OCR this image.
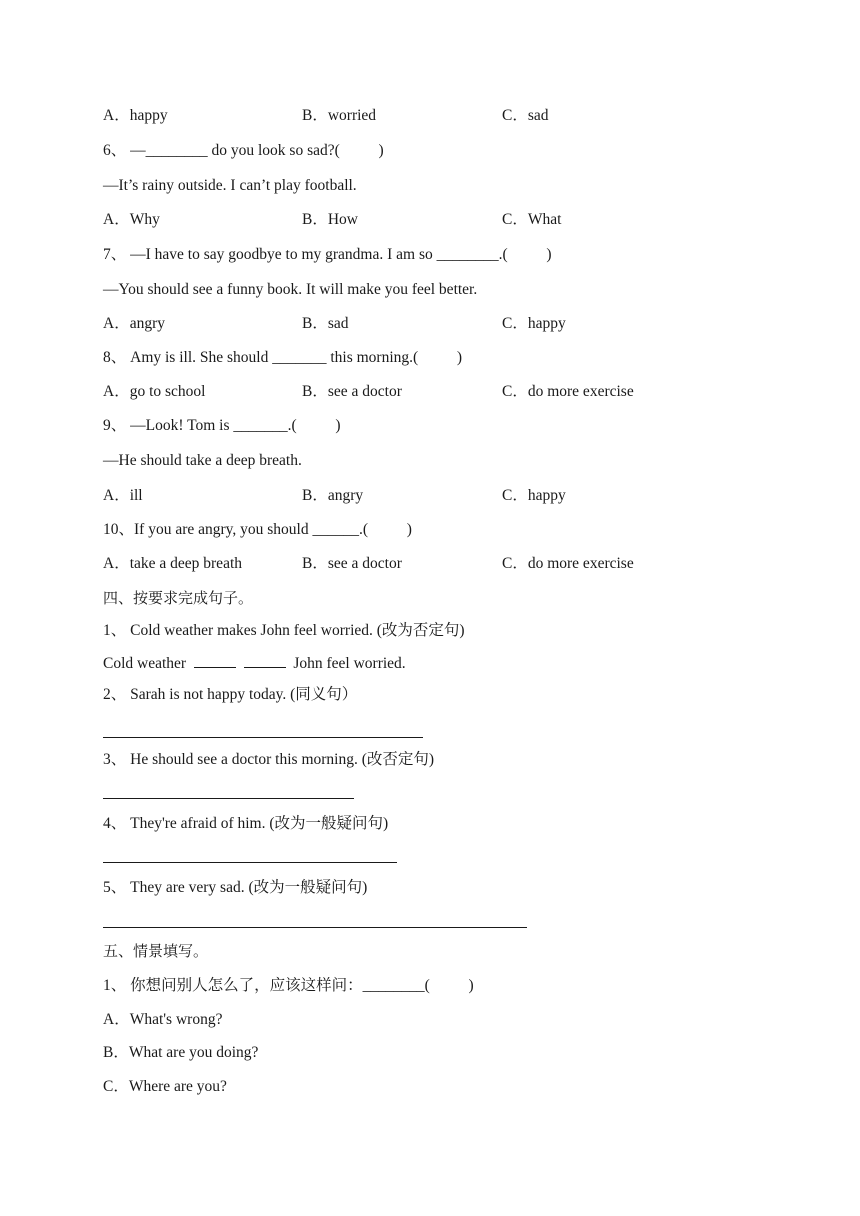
A．happy	B．worried	C．sad
6、 —________ do you look so sad?(          )
—It’s rainy outside. I can’t play football.
A．Why	B．How	C．What
7、 —I have to say goodbye to my grandma. I am so ________.(          )
—You should see a funny book. It will make you feel better.
A．angry	B．sad	C．happy
8、 Amy is ill. She should _______ this morning.(          )
A．go to school	B．see a doctor	C．do more exercise
9、 —Look! Tom is _______.(          )
—He should take a deep breath.
A．ill	B．angry	C．happy
10、If you are angry, you should ______.(          )
A．take a deep breath	B．see a doctor	C．do more exercise
四、按要求完成句子。
1、 Cold weather makes John feel worried. (改为否定句)
Cold weather	John feel worried.
2、 Sarah is not happy today. (同义句）
3、 He should see a doctor this morning. (改否定句)
4、 They're afraid of him. (改为一般疑问句)
5、 They are very sad. (改为一般疑问句)
五、情景填写。
1、 你想问别人怎么了，应该这样问：________(          )
A．What's wrong?
B．What are you doing?
C．Where are you?
